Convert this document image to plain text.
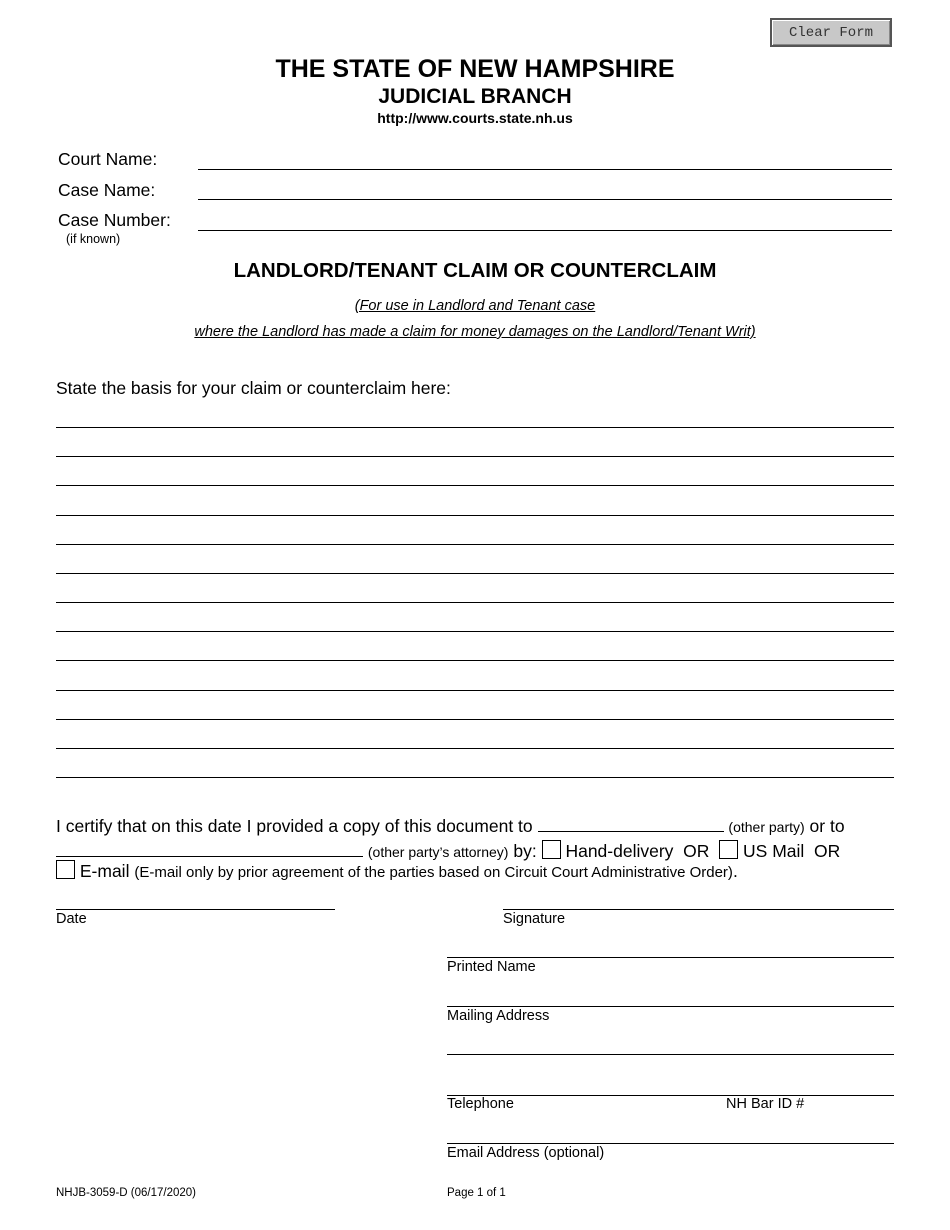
Clear Form
THE STATE OF NEW HAMPSHIRE
JUDICIAL BRANCH
http://www.courts.state.nh.us
Court Name:
Case Name:
Case Number:
(if known)
LANDLORD/TENANT CLAIM OR COUNTERCLAIM
(For use in Landlord and Tenant case
where the Landlord has made a claim for money damages on the Landlord/Tenant Writ)
State the basis for your claim or counterclaim here:
I certify that on this date I provided a copy of this document to	(other party) or to
(other party’s attorney) by: Hand-delivery OR US Mail OR
E-mail (E-mail only by prior agreement of the parties based on Circuit Court Administrative Order).
Date	Signature
Printed Name
Mailing Address
Telephone	NH Bar ID #
Email Address (optional)
NHJB-3059-D (06/17/2020)	Page 1 of 1
